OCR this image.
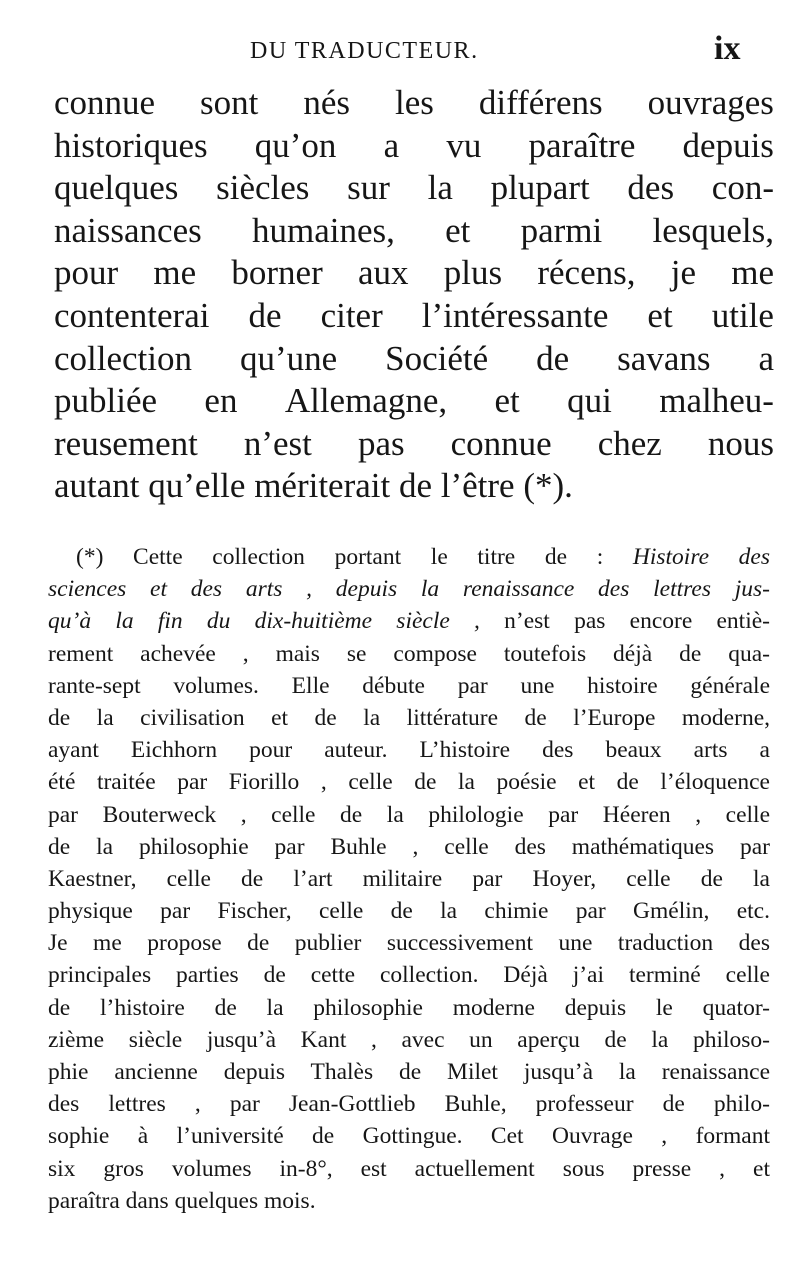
DU TRADUCTEUR.	ix
connue sont nés les différens ouvrages
historiques qu’on a vu paraître depuis
quelques siècles sur la plupart des con-
naissances humaines, et parmi lesquels,
pour me borner aux plus récens, je me
contenterai de citer l’intéressante et utile
collection qu’une Société de savans a
publiée en Allemagne, et qui malheu-
reusement n’est pas connue chez nous
autant qu’elle mériterait de l’être (*).
(*) Cette collection portant le titre de : Histoire des
sciences et des arts , depuis la renaissance des lettres jus-
qu’à la fin du dix-huitième siècle , n’est pas encore entiè-
rement achevée , mais se compose toutefois déjà de qua-
rante-sept volumes. Elle débute par une histoire générale
de la civilisation et de la littérature de l’Europe moderne,
ayant Eichhorn pour auteur. L’histoire des beaux arts a
été traitée par Fiorillo , celle de la poésie et de l’éloquence
par Bouterweck , celle de la philologie par Héeren , celle
de la philosophie par Buhle , celle des mathématiques par
Kaestner, celle de l’art militaire par Hoyer, celle de la
physique par Fischer, celle de la chimie par Gmélin, etc.
Je me propose de publier successivement une traduction des
principales parties de cette collection. Déjà j’ai terminé celle
de l’histoire de la philosophie moderne depuis le quator-
zième siècle jusqu’à Kant , avec un aperçu de la philoso-
phie ancienne depuis Thalès de Milet jusqu’à la renaissance
des lettres , par Jean-Gottlieb Buhle, professeur de philo-
sophie à l’université de Gottingue. Cet Ouvrage , formant
six gros volumes in-8°, est actuellement sous presse , et
paraîtra dans quelques mois.
